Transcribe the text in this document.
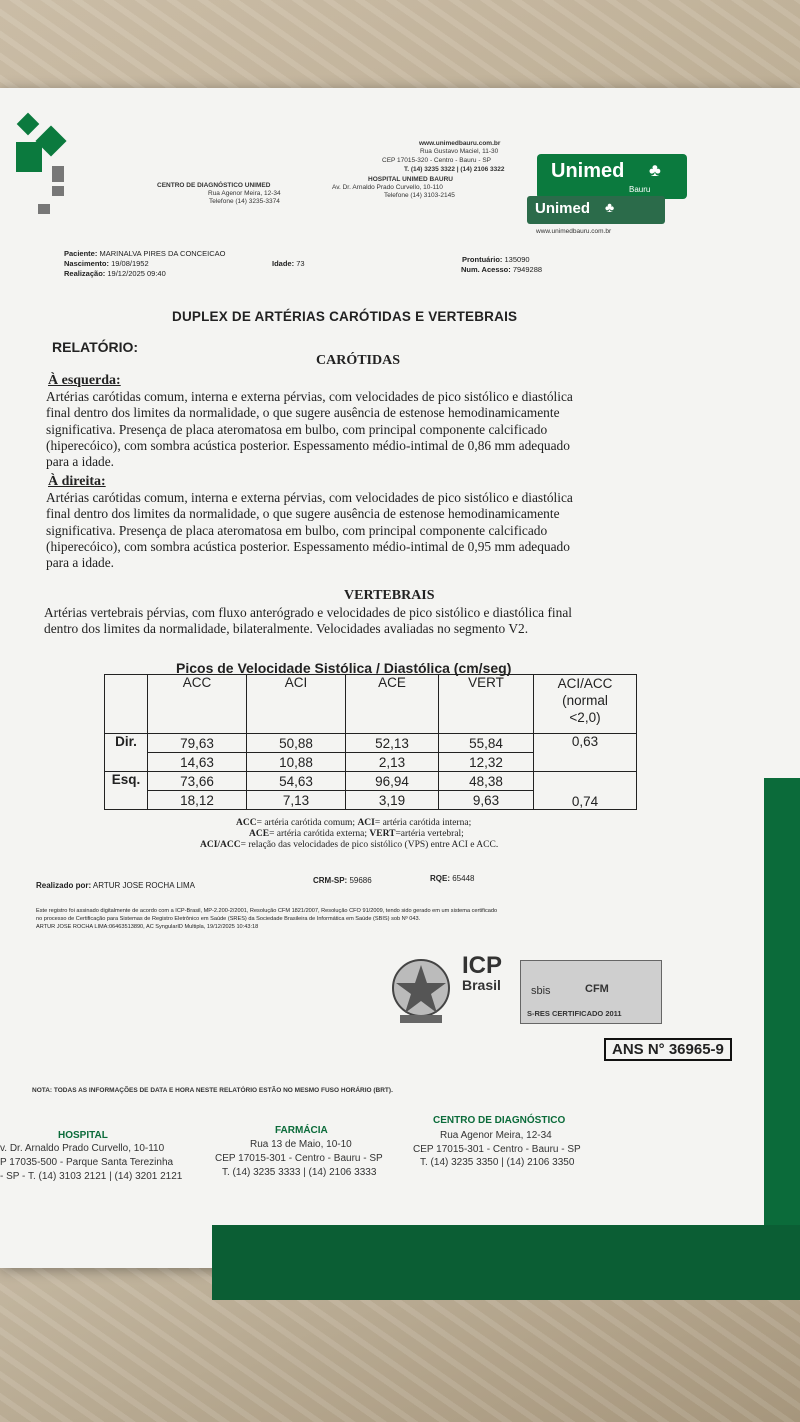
CENTRO DE DIAGNÓSTICO UNIMED
Rua Agenor Meira, 12-34
Telefone (14) 3235-3374
www.unimedbauru.com.br
Rua Gustavo Maciel, 11-30
CEP 17015-320 - Centro - Bauru - SP
T. (14) 3235 3322 | (14) 2106 3322
HOSPITAL UNIMED BAURU
Av. Dr. Arnaldo Prado Curvello, 10-110
Telefone (14) 3103-2145
Unimed ♣
Bauru
Unimed ♣
www.unimedbauru.com.br
Paciente: MARINALVA PIRES DA CONCEICAO
Nascimento: 19/08/1952	Idade: 73
Realização: 19/12/2025 09:40
Prontuário: 135090
Num. Acesso: 7949288
DUPLEX DE ARTÉRIAS CARÓTIDAS E VERTEBRAIS
RELATÓRIO:
CARÓTIDAS
À esquerda:
Artérias carótidas comum, interna e externa pérvias, com velocidades de pico sistólico e diastólica
final dentro dos limites da normalidade, o que sugere ausência de estenose hemodinamicamente
significativa. Presença de placa ateromatosa em bulbo, com principal componente calcificado
(hiperecóico), com sombra acústica posterior. Espessamento médio-intimal de 0,86 mm adequado
para a idade.
À direita:
Artérias carótidas comum, interna e externa pérvias, com velocidades de pico sistólico e diastólica
final dentro dos limites da normalidade, o que sugere ausência de estenose hemodinamicamente
significativa. Presença de placa ateromatosa em bulbo, com principal componente calcificado
(hiperecóico), com sombra acústica posterior. Espessamento médio-intimal de 0,95 mm adequado
para a idade.
VERTEBRAIS
Artérias vertebrais pérvias, com fluxo anterógrado e velocidades de pico sistólico e diastólica final
dentro dos limites da normalidade, bilateralmente. Velocidades avaliadas no segmento V2.
Picos de Velocidade Sistólica / Diastólica (cm/seg)
	ACC	ACI	ACE	VERT	ACI/ACC
(normal
<2,0)

Dir.	79,63	50,88	52,13	55,84	0,63
	14,63	10,88	2,13	12,32	
Esq.	73,66	54,63	96,94	48,38	0,74
	18,12	7,13	3,19	9,63	
ACC= artéria carótida comum; ACI= artéria carótida interna;
ACE= artéria carótida externa; VERT=artéria vertebral;
ACI/ACC= relação das velocidades de pico sistólico (VPS) entre ACI e ACC.
Realizado por: ARTUR JOSE ROCHA LIMA
CRM-SP: 59686	RQE: 65448
Este registro foi assinado digitalmente de acordo com a ICP-Brasil, MP-2.200-2/2001, Resolução CFM 1821/2007, Resolução CFO 91/2009, tendo sido gerado em um sistema certificado
no processo de Certificação para Sistemas de Registro Eletrônico em Saúde (SRES) da Sociedade Brasileira de Informática em Saúde (SBIS) sob Nº 043.
ARTUR JOSE ROCHA LIMA:06463513890, AC SyngularID Multipla, 19/12/2025 10:43:18
ICP
Brasil	sbis	CFM
S-RES CERTIFICADO 2011
NOTA: TODAS AS INFORMAÇÕES DE DATA E HORA NESTE RELATÓRIO ESTÃO NO MESMO FUSO HORÁRIO (BRT).
HOSPITAL
v. Dr. Arnaldo Prado Curvello, 10-110
P 17035-500 - Parque Santa Terezinha
- SP - T. (14) 3103 2121 | (14) 3201 2121
FARMÁCIA
Rua 13 de Maio, 10-10
CEP 17015-301 - Centro - Bauru - SP
T. (14) 3235 3333 | (14) 2106 3333
CENTRO DE DIAGNÓSTICO
Rua Agenor Meira, 12-34
CEP 17015-301 - Centro - Bauru - SP
T. (14) 3235 3350 | (14) 2106 3350
ANS N° 36965-9
